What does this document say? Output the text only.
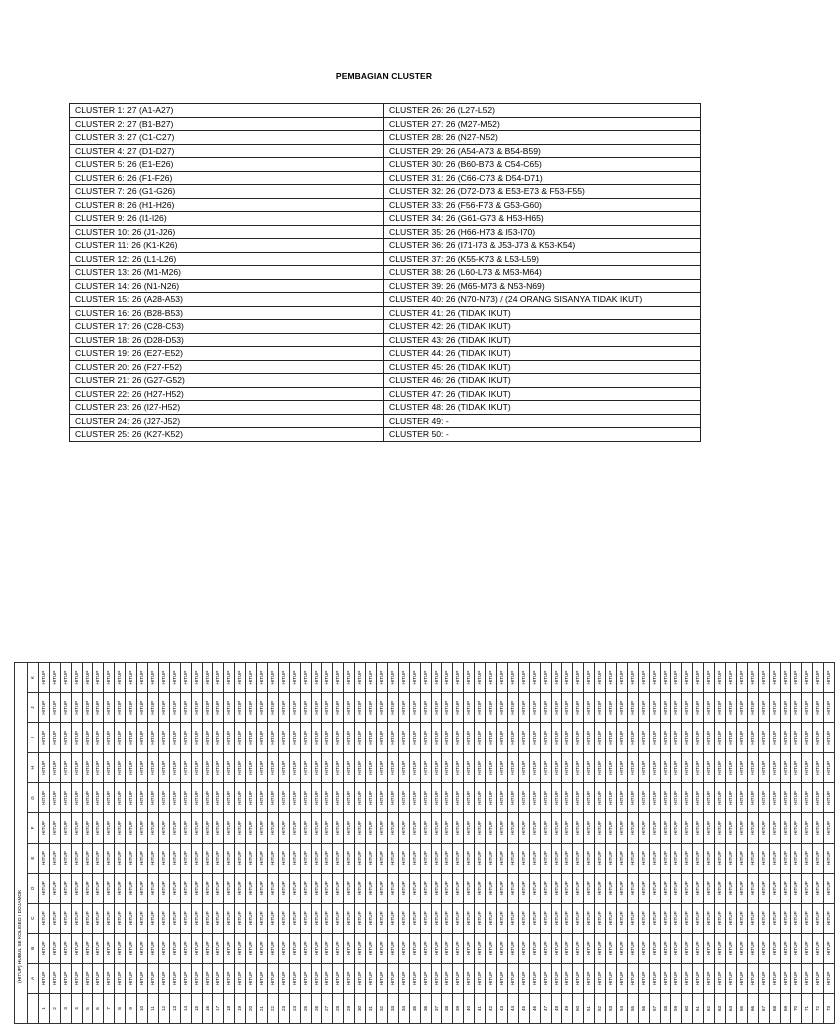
PEMBAGIAN CLUSTER
CLUSTER 1: 27 (A1-A27)	CLUSTER 26: 26 (L27-L52)
CLUSTER 2: 27 (B1-B27)	CLUSTER 27: 26 (M27-M52)
CLUSTER 3: 27 (C1-C27)	CLUSTER 28: 26 (N27-N52)
CLUSTER 4: 27 (D1-D27)	CLUSTER 29: 26 (A54-A73 & B54-B59)
CLUSTER 5: 26 (E1-E26)	CLUSTER 30: 26 (B60-B73 & C54-C65)
CLUSTER 6: 26 (F1-F26)	CLUSTER 31: 26 (C66-C73 & D54-D71)
CLUSTER 7: 26 (G1-G26)	CLUSTER 32: 26 (D72-D73 & E53-E73 & F53-F55)
CLUSTER 8: 26 (H1-H26)	CLUSTER 33: 26 (F56-F73 & G53-G60)
CLUSTER 9: 26 (I1-I26)	CLUSTER 34: 26 (G61-G73 & H53-H65)
CLUSTER 10: 26 (J1-J26)	CLUSTER 35: 26 (H66-H73 & I53-I70)
CLUSTER 11: 26 (K1-K26)	CLUSTER 36: 26 (I71-I73 & J53-J73 & K53-K54)
CLUSTER 12: 26 (L1-L26)	CLUSTER 37: 26 (K55-K73 & L53-L59)
CLUSTER 13: 26 (M1-M26)	CLUSTER 38: 26 (L60-L73 & M53-M64)
CLUSTER 14: 26 (N1-N26)	CLUSTER 39: 26 (M65-M73 & N53-N69)
CLUSTER 15: 26 (A28-A53)	CLUSTER 40: 26 (N70-N73) / (24 ORANG SISANYA TIDAK IKUT)
CLUSTER 16: 26 (B28-B53)	CLUSTER 41: 26 (TIDAK IKUT)
CLUSTER 17: 26 (C28-C53)	CLUSTER 42: 26 (TIDAK IKUT)
CLUSTER 18: 26 (D28-D53)	CLUSTER 43: 26 (TIDAK IKUT)
CLUSTER 19: 26 (E27-E52)	CLUSTER 44: 26 (TIDAK IKUT)
CLUSTER 20: 26 (F27-F52)	CLUSTER 45: 26 (TIDAK IKUT)
CLUSTER 21: 26 (G27-G52)	CLUSTER 46: 26 (TIDAK IKUT)
CLUSTER 22: 26 (H27-H52)	CLUSTER 47: 26 (TIDAK IKUT)
CLUSTER 23: 26 (I27-H52)	CLUSTER 48: 26 (TIDAK IKUT)
CLUSTER 24: 26 (J27-J52)	CLUSTER 49: -
CLUSTER 25: 26 (K27-K52)	CLUSTER 50: -
(HITUP) HUBUL SE KOLIGEO I DOJAMOK											
	A	B	C	D	E	F	G	H	I	J	K
1	HITUP	HITUP	HITUP	HITUP	HITUP	HITUP	HITUP	HITUP	HITUP	HITUP	HITUP
2	HITUP	HITUP	HITUP	HITUP	HITUP	HITUP	HITUP	HITUP	HITUP	HITUP	HITUP
3	HITUP	HITUP	HITUP	HITUP	HITUP	HITUP	HITUP	HITUP	HITUP	HITUP	HITUP
4	HITUP	HITUP	HITUP	HITUP	HITUP	HITUP	HITUP	HITUP	HITUP	HITUP	HITUP
5	HITUP	HITUP	HITUP	HITUP	HITUP	HITUP	HITUP	HITUP	HITUP	HITUP	HITUP
6	HITUP	HITUP	HITUP	HITUP	HITUP	HITUP	HITUP	HITUP	HITUP	HITUP	HITUP
7	HITUP	HITUP	HITUP	HITUP	HITUP	HITUP	HITUP	HITUP	HITUP	HITUP	HITUP
8	HITUP	HITUP	HITUP	HITUP	HITUP	HITUP	HITUP	HITUP	HITUP	HITUP	HITUP
9	HITUP	HITUP	HITUP	HITUP	HITUP	HITUP	HITUP	HITUP	HITUP	HITUP	HITUP
10	HITUP	HITUP	HITUP	HITUP	HITUP	HITUP	HITUP	HITUP	HITUP	HITUP	HITUP
11	HITUP	HITUP	HITUP	HITUP	HITUP	HITUP	HITUP	HITUP	HITUP	HITUP	HITUP
12	HITUP	HITUP	HITUP	HITUP	HITUP	HITUP	HITUP	HITUP	HITUP	HITUP	HITUP
13	HITUP	HITUP	HITUP	HITUP	HITUP	HITUP	HITUP	HITUP	HITUP	HITUP	HITUP
14	HITUP	HITUP	HITUP	HITUP	HITUP	HITUP	HITUP	HITUP	HITUP	HITUP	HITUP
15	HITUP	HITUP	HITUP	HITUP	HITUP	HITUP	HITUP	HITUP	HITUP	HITUP	HITUP
16	HITUP	HITUP	HITUP	HITUP	HITUP	HITUP	HITUP	HITUP	HITUP	HITUP	HITUP
17	HITUP	HITUP	HITUP	HITUP	HITUP	HITUP	HITUP	HITUP	HITUP	HITUP	HITUP
18	HITUP	HITUP	HITUP	HITUP	HITUP	HITUP	HITUP	HITUP	HITUP	HITUP	HITUP
19	HITUP	HITUP	HITUP	HITUP	HITUP	HITUP	HITUP	HITUP	HITUP	HITUP	HITUP
20	HITUP	HITUP	HITUP	HITUP	HITUP	HITUP	HITUP	HITUP	HITUP	HITUP	HITUP
21	HITUP	HITUP	HITUP	HITUP	HITUP	HITUP	HITUP	HITUP	HITUP	HITUP	HITUP
22	HITUP	HITUP	HITUP	HITUP	HITUP	HITUP	HITUP	HITUP	HITUP	HITUP	HITUP
23	HITUP	HITUP	HITUP	HITUP	HITUP	HITUP	HITUP	HITUP	HITUP	HITUP	HITUP
24	HITUP	HITUP	HITUP	HITUP	HITUP	HITUP	HITUP	HITUP	HITUP	HITUP	HITUP
25	HITUP	HITUP	HITUP	HITUP	HITUP	HITUP	HITUP	HITUP	HITUP	HITUP	HITUP
26	HITUP	HITUP	HITUP	HITUP	HITUP	HITUP	HITUP	HITUP	HITUP	HITUP	HITUP
27	HITUP	HITUP	HITUP	HITUP	HITUP	HITUP	HITUP	HITUP	HITUP	HITUP	HITUP
28	HITUP	HITUP	HITUP	HITUP	HITUP	HITUP	HITUP	HITUP	HITUP	HITUP	HITUP
29	HITUP	HITUP	HITUP	HITUP	HITUP	HITUP	HITUP	HITUP	HITUP	HITUP	HITUP
30	HITUP	HITUP	HITUP	HITUP	HITUP	HITUP	HITUP	HITUP	HITUP	HITUP	HITUP
31	HITUP	HITUP	HITUP	HITUP	HITUP	HITUP	HITUP	HITUP	HITUP	HITUP	HITUP
32	HITUP	HITUP	HITUP	HITUP	HITUP	HITUP	HITUP	HITUP	HITUP	HITUP	HITUP
33	HITUP	HITUP	HITUP	HITUP	HITUP	HITUP	HITUP	HITUP	HITUP	HITUP	HITUP
34	HITUP	HITUP	HITUP	HITUP	HITUP	HITUP	HITUP	HITUP	HITUP	HITUP	HITUP
35	HITUP	HITUP	HITUP	HITUP	HITUP	HITUP	HITUP	HITUP	HITUP	HITUP	HITUP
36	HITUP	HITUP	HITUP	HITUP	HITUP	HITUP	HITUP	HITUP	HITUP	HITUP	HITUP
37	HITUP	HITUP	HITUP	HITUP	HITUP	HITUP	HITUP	HITUP	HITUP	HITUP	HITUP
38	HITUP	HITUP	HITUP	HITUP	HITUP	HITUP	HITUP	HITUP	HITUP	HITUP	HITUP
39	HITUP	HITUP	HITUP	HITUP	HITUP	HITUP	HITUP	HITUP	HITUP	HITUP	HITUP
40	HITUP	HITUP	HITUP	HITUP	HITUP	HITUP	HITUP	HITUP	HITUP	HITUP	HITUP
41	HITUP	HITUP	HITUP	HITUP	HITUP	HITUP	HITUP	HITUP	HITUP	HITUP	HITUP
42	HITUP	HITUP	HITUP	HITUP	HITUP	HITUP	HITUP	HITUP	HITUP	HITUP	HITUP
43	HITUP	HITUP	HITUP	HITUP	HITUP	HITUP	HITUP	HITUP	HITUP	HITUP	HITUP
44	HITUP	HITUP	HITUP	HITUP	HITUP	HITUP	HITUP	HITUP	HITUP	HITUP	HITUP
45	HITUP	HITUP	HITUP	HITUP	HITUP	HITUP	HITUP	HITUP	HITUP	HITUP	HITUP
46	HITUP	HITUP	HITUP	HITUP	HITUP	HITUP	HITUP	HITUP	HITUP	HITUP	HITUP
47	HITUP	HITUP	HITUP	HITUP	HITUP	HITUP	HITUP	HITUP	HITUP	HITUP	HITUP
48	HITUP	HITUP	HITUP	HITUP	HITUP	HITUP	HITUP	HITUP	HITUP	HITUP	HITUP
49	HITUP	HITUP	HITUP	HITUP	HITUP	HITUP	HITUP	HITUP	HITUP	HITUP	HITUP
50	HITUP	HITUP	HITUP	HITUP	HITUP	HITUP	HITUP	HITUP	HITUP	HITUP	HITUP
51	HITUP	HITUP	HITUP	HITUP	HITUP	HITUP	HITUP	HITUP	HITUP	HITUP	HITUP
52	HITUP	HITUP	HITUP	HITUP	HITUP	HITUP	HITUP	HITUP	HITUP	HITUP	HITUP
53	HITUP	HITUP	HITUP	HITUP	HITUP	HITUP	HITUP	HITUP	HITUP	HITUP	HITUP
54	HITUP	HITUP	HITUP	HITUP	HITUP	HITUP	HITUP	HITUP	HITUP	HITUP	HITUP
55	HITUP	HITUP	HITUP	HITUP	HITUP	HITUP	HITUP	HITUP	HITUP	HITUP	HITUP
56	HITUP	HITUP	HITUP	HITUP	HITUP	HITUP	HITUP	HITUP	HITUP	HITUP	HITUP
57	HITUP	HITUP	HITUP	HITUP	HITUP	HITUP	HITUP	HITUP	HITUP	HITUP	HITUP
58	HITUP	HITUP	HITUP	HITUP	HITUP	HITUP	HITUP	HITUP	HITUP	HITUP	HITUP
59	HITUP	HITUP	HITUP	HITUP	HITUP	HITUP	HITUP	HITUP	HITUP	HITUP	HITUP
60	HITUP	HITUP	HITUP	HITUP	HITUP	HITUP	HITUP	HITUP	HITUP	HITUP	HITUP
61	HITUP	HITUP	HITUP	HITUP	HITUP	HITUP	HITUP	HITUP	HITUP	HITUP	HITUP
62	HITUP	HITUP	HITUP	HITUP	HITUP	HITUP	HITUP	HITUP	HITUP	HITUP	HITUP
63	HITUP	HITUP	HITUP	HITUP	HITUP	HITUP	HITUP	HITUP	HITUP	HITUP	HITUP
64	HITUP	HITUP	HITUP	HITUP	HITUP	HITUP	HITUP	HITUP	HITUP	HITUP	HITUP
65	HITUP	HITUP	HITUP	HITUP	HITUP	HITUP	HITUP	HITUP	HITUP	HITUP	HITUP
66	HITUP	HITUP	HITUP	HITUP	HITUP	HITUP	HITUP	HITUP	HITUP	HITUP	HITUP
67	HITUP	HITUP	HITUP	HITUP	HITUP	HITUP	HITUP	HITUP	HITUP	HITUP	HITUP
68	HITUP	HITUP	HITUP	HITUP	HITUP	HITUP	HITUP	HITUP	HITUP	HITUP	HITUP
69	HITUP	HITUP	HITUP	HITUP	HITUP	HITUP	HITUP	HITUP	HITUP	HITUP	HITUP
70	HITUP	HITUP	HITUP	HITUP	HITUP	HITUP	HITUP	HITUP	HITUP	HITUP	HITUP
71	HITUP	HITUP	HITUP	HITUP	HITUP	HITUP	HITUP	HITUP	HITUP	HITUP	HITUP
72	HITUP	HITUP	HITUP	HITUP	HITUP	HITUP	HITUP	HITUP	HITUP	HITUP	HITUP
73	HITUP	HITUP	HITUP	HITUP	HITUP	HITUP	HITUP	HITUP	HITUP	HITUP	HITUP
